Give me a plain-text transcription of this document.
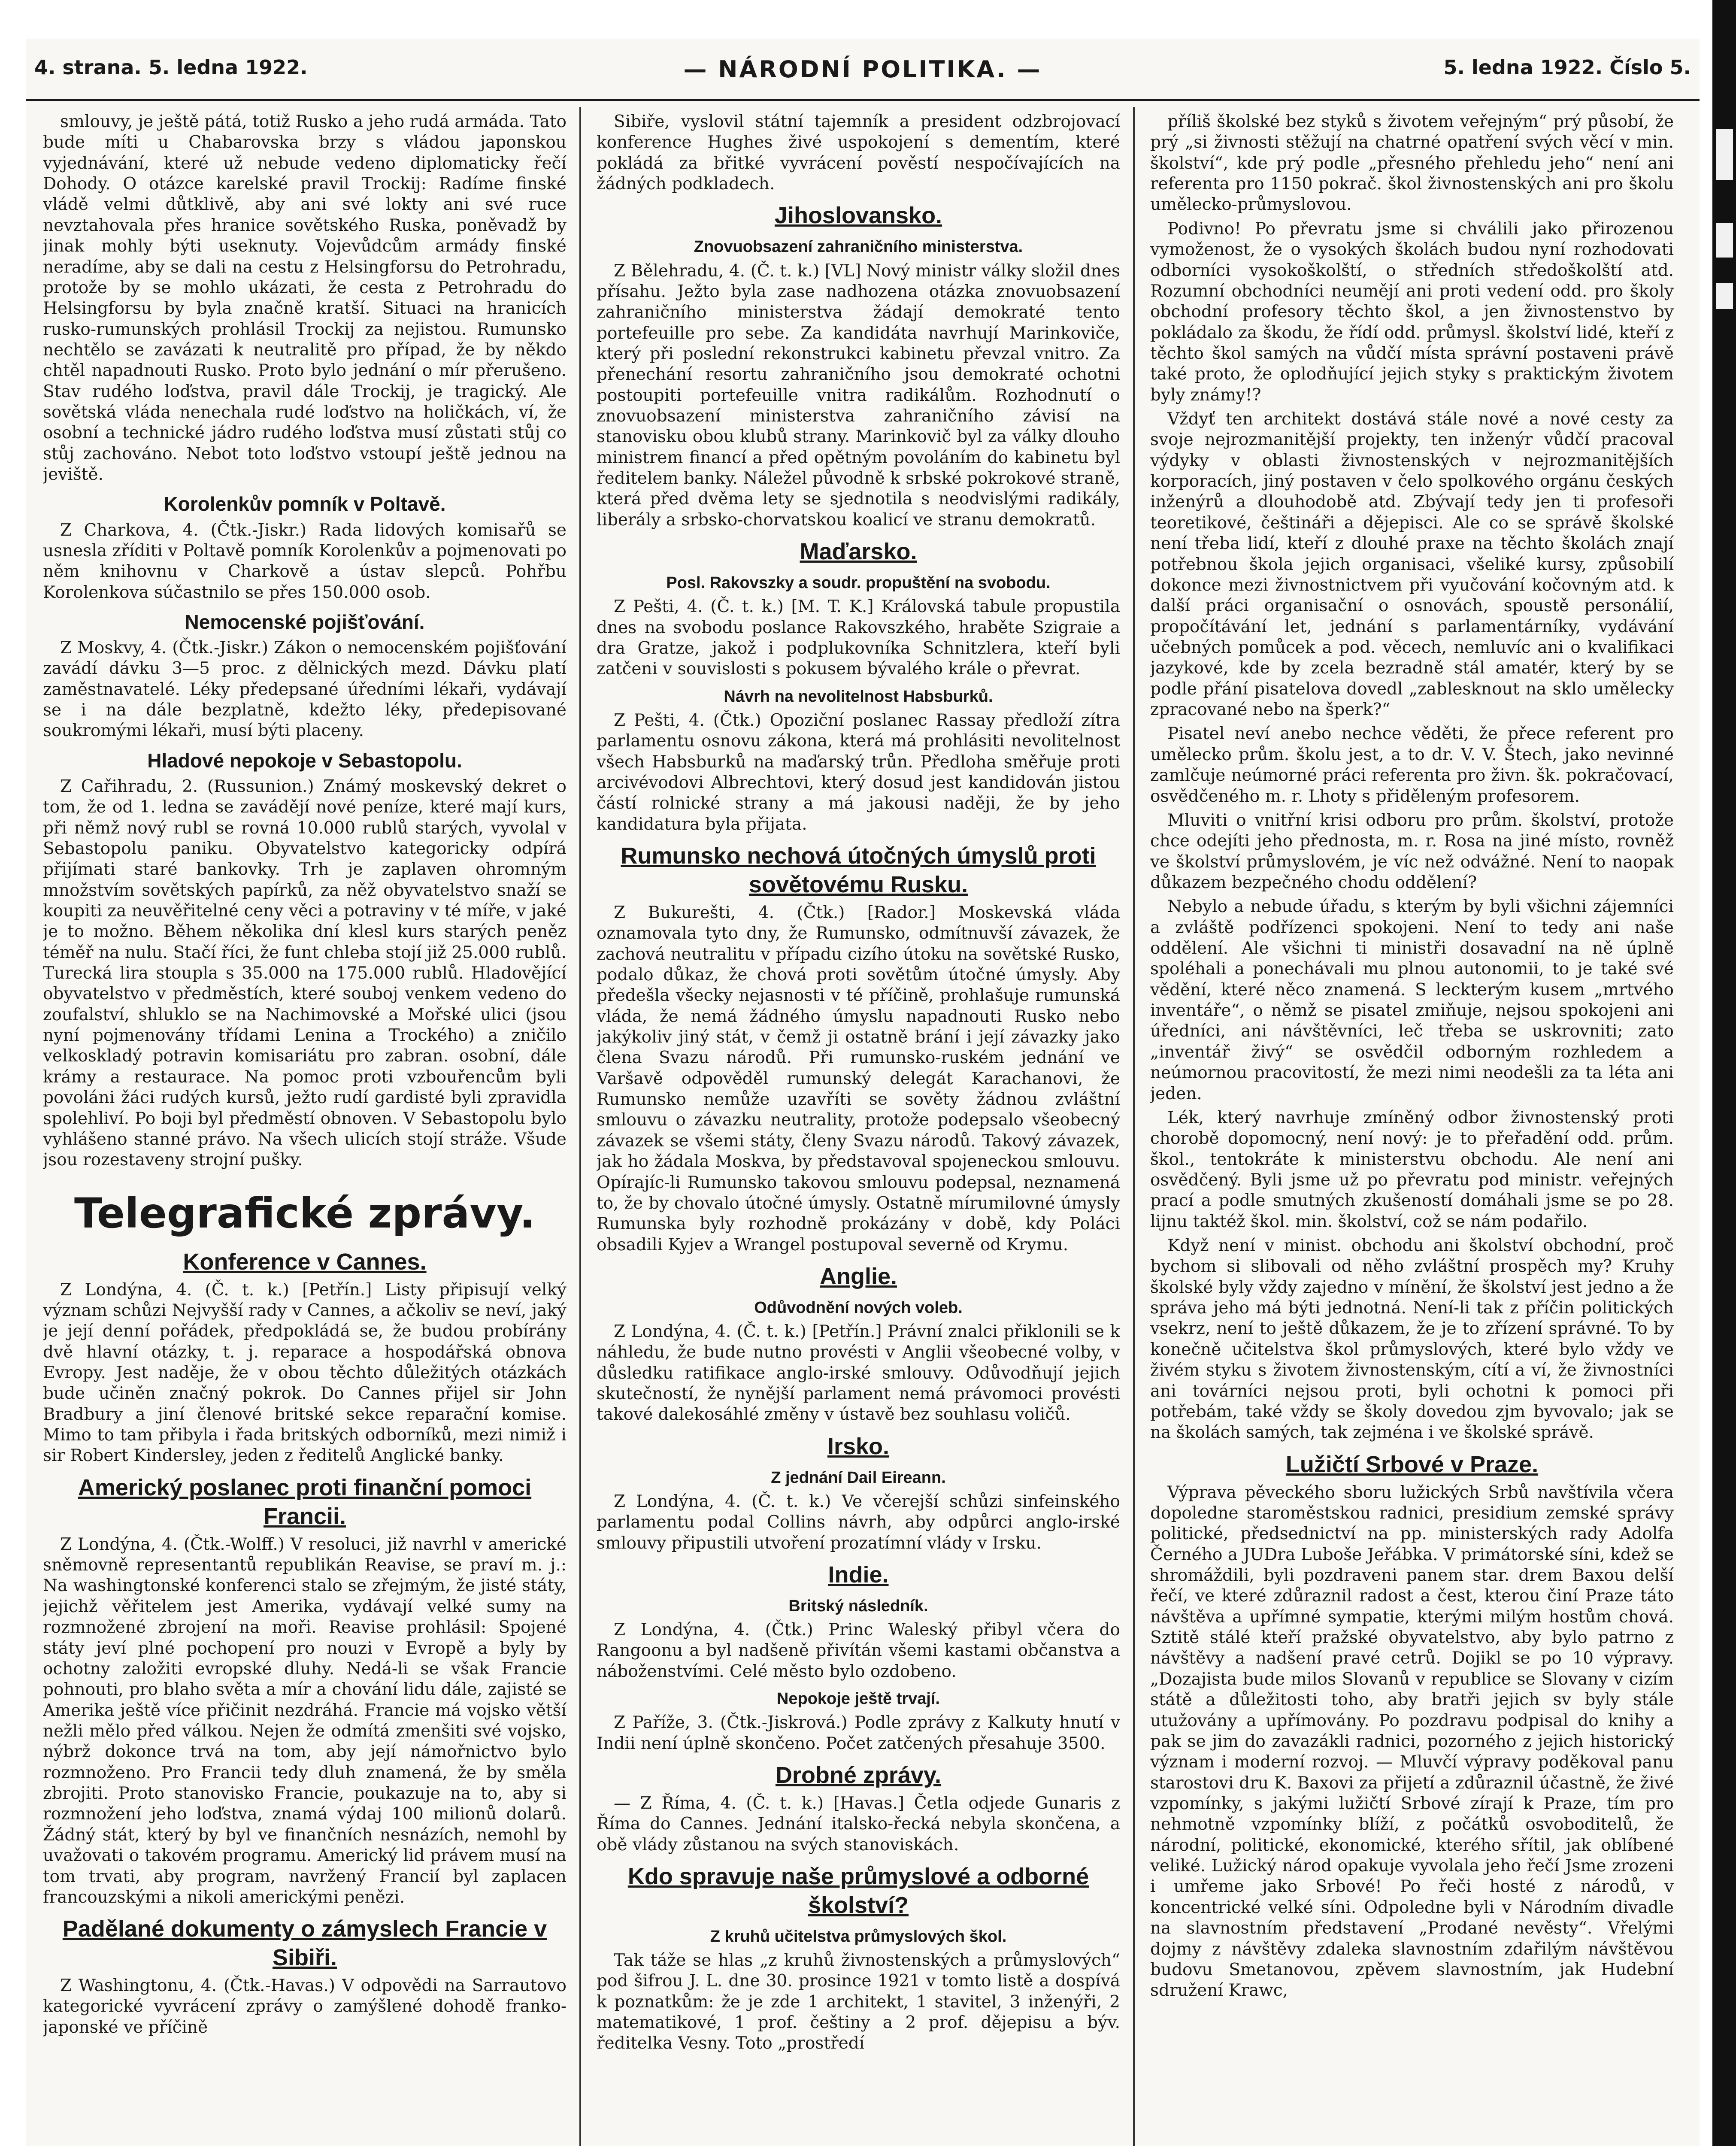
4. strana. 5. ledna 1922.	— NÁRODNÍ POLITIKA. —	5. ledna 1922. Číslo 5.

smlouvy, je ještě pátá, totiž Rusko a jeho rudá armáda. Tato bude míti u Chabarovska brzy s vládou japonskou vyjednávání, které už nebude vedeno diplomaticky řečí Dohody. O otázce karelské pravil Trockij: Radíme finské vládě velmi důtklivě, aby ani své lokty ani své ruce nevztahovala přes hranice sovětského Ruska, poněvadž by jinak mohly býti useknuty. Vojevůdcům armády finské neradíme, aby se dali na cestu z Helsingforsu do Petrohradu, protože by se mohlo ukázati, že cesta z Petrohradu do Helsingforsu by byla značně kratší. Situaci na hranicích rusko-rumunských prohlásil Trockij za nejistou. Rumunsko nechtělo se zavázati k neutralitě pro případ, že by někdo chtěl napadnouti Rusko. Proto bylo jednání o mír přerušeno. Stav rudého loďstva, pravil dále Trockij, je tragický. Ale sovětská vláda nenechala rudé loďstvo na holičkách, ví, že osobní a technické jádro rudého loďstva musí zůstati stůj co stůj zachováno. Nebot toto loďstvo vstoupí ještě jednou na jeviště.

Korolenkův pomník v Poltavě.

Z Charkova, 4. (Čtk.-Jiskr.) Rada lidových komisařů se usnesla zříditi v Poltavě pomník Korolenkův a pojmenovati po něm knihovnu v Charkově a ústav slepců. Pohřbu Korolenkova súčastnilo se přes 150.000 osob.

Nemocenské pojišťování.

Z Moskvy, 4. (Čtk.-Jiskr.) Zákon o nemocenském pojišťování zavádí dávku 3—5 proc. z dělnických mezd. Dávku platí zaměstnavatelé. Léky předepsané úředními lékaři, vydávají se i na dále bezplatně, kdežto léky, předepisované soukromými lékaři, musí býti placeny.

Hladové nepokoje v Sebastopolu.

Z Cařihradu, 2. (Russunion.) Známý moskevský dekret o tom, že od 1. ledna se zavádějí nové peníze, které mají kurs, při němž nový rubl se rovná 10.000 rublů starých, vyvolal v Sebastopolu paniku. Obyvatelstvo kategoricky odpírá přijímati staré bankovky. Trh je zaplaven ohromným množstvím sovětských papírků, za něž obyvatelstvo snaží se koupiti za neuvěřitelné ceny věci a potraviny v té míře, v jaké je to možno. Během několika dní klesl kurs starých peněz téměř na nulu. Stačí říci, že funt chleba stojí již 25.000 rublů. Turecká lira stoupla s 35.000 na 175.000 rublů. Hladovějící obyvatelstvo v předměstích, které souboj venkem vedeno do zoufalství, shluklo se na Nachimovské a Mořské ulici (jsou nyní pojmenovány třídami Lenina a Trockého) a zničilo velkoskladý potravin komisariátu pro zabran. osobní, dále krámy a restaurace. Na pomoc proti vzbouřencům byli povoláni žáci rudých kursů, ježto rudí gardisté byli zpravidla spolehliví. Po boji byl předměstí obnoven. V Sebastopolu bylo vyhlášeno stanné právo. Na všech ulicích stojí stráže. Všude jsou rozestaveny strojní pušky.

Telegrafické zprávy.
Konference v Cannes.

Z Londýna, 4. (Č. t. k.) [Petřín.] Listy připisují velký význam schůzi Nejvyšší rady v Cannes, a ačkoliv se neví, jaký je její denní pořádek, předpokládá se, že budou probírány dvě hlavní otázky, t. j. reparace a hospodářská obnova Evropy. Jest naděje, že v obou těchto důležitých otázkách bude učiněn značný pokrok. Do Cannes přijel sir John Bradbury a jiní členové britské sekce reparační komise. Mimo to tam přibyla i řada britských odborníků, mezi nimiž i sir Robert Kindersley, jeden z ředitelů Anglické banky.

Americký poslanec proti finanční pomoci Francii.

Z Londýna, 4. (Čtk.-Wolff.) V resoluci, již navrhl v americké sněmovně representantů republikán Reavise, se praví m. j.: Na washingtonské konferenci stalo se zřejmým, že jisté státy, jejichž věřitelem jest Amerika, vydávají velké sumy na rozmnožené zbrojení na moři. Reavise prohlásil: Spojené státy jeví plné pochopení pro nouzi v Evropě a byly by ochotny založiti evropské dluhy. Nedá-li se však Francie pohnouti, pro blaho světa a mír a chování lidu dále, zajisté se Amerika ještě více přičinit nezdráhá. Francie má vojsko větší nežli mělo před válkou. Nejen že odmítá zmenšiti své vojsko, nýbrž dokonce trvá na tom, aby její námořnictvo bylo rozmnoženo. Pro Francii tedy dluh znamená, že by směla zbrojiti. Proto stanovisko Francie, poukazuje na to, aby si rozmnožení jeho loďstva, znamá výdaj 100 milionů dolarů. Žádný stát, který by byl ve finančních nesnázích, nemohl by uvažovati o takovém programu. Americký lid právem musí na tom trvati, aby program, navržený Francií byl zaplacen francouzskými a nikoli americkými penězi.

Padělané dokumenty o zámyslech Francie v Sibiři.

Z Washingtonu, 4. (Čtk.-Havas.) V odpovědi na Sarrautovo kategorické vyvrácení zprávy o zamýšlené dohodě franko-japonské ve příčině

Sibiře, vyslovil státní tajemník a president odzbrojovací konference Hughes živé uspokojení s dementím, které pokládá za břitké vyvrácení pověstí nespočívajících na žádných podkladech.

Jihoslovansko.
Znovuobsazení zahraničního ministerstva.

Z Bělehradu, 4. (Č. t. k.) [VL] Nový ministr války složil dnes přísahu. Ježto byla zase nadhozena otázka znovuobsazení zahraničního ministerstva žádají demokraté tento portefeuille pro sebe. Za kandidáta navrhují Marinkoviče, který při poslední rekonstrukci kabinetu převzal vnitro. Za přenechání resortu zahraničního jsou demokraté ochotni postoupiti portefeuille vnitra radikálům. Rozhodnutí o znovuobsazení ministerstva zahraničního závisí na stanovisku obou klubů strany. Marinkovič byl za války dlouho ministrem financí a před opětným povoláním do kabinetu byl ředitelem banky. Náležel původně k srbské pokrokové straně, která před dvěma lety se sjednotila s neodvislými radikály, liberály a srbsko-chorvatskou koalicí ve stranu demokratů.

Maďarsko.
Posl. Rakovszky a soudr. propuštění na svobodu.

Z Pešti, 4. (Č. t. k.) [M. T. K.] Královská tabule propustila dnes na svobodu poslance Rakovszkého, hraběte Szigraie a dra Gratze, jakož i podplukovníka Schnitzlera, kteří byli zatčeni v souvislosti s pokusem bývalého krále o převrat.

Návrh na nevolitelnost Habsburků.

Z Pešti, 4. (Čtk.) Opoziční poslanec Rassay předloží zítra parlamentu osnovu zákona, která má prohlásiti nevolitelnost všech Habsburků na maďarský trůn. Předloha směřuje proti arcivévodovi Albrechtovi, který dosud jest kandidován jistou částí rolnické strany a má jakousi naději, že by jeho kandidatura byla přijata.

Rumunsko nechová útočných úmyslů proti sovětovému Rusku.

Z Bukurešti, 4. (Čtk.) [Rador.] Moskevská vláda oznamovala tyto dny, že Rumunsko, odmítnuvší závazek, že zachová neutralitu v případu cizího útoku na sovětské Rusko, podalo důkaz, že chová proti sovětům útočné úmysly. Aby předešla všecky nejasnosti v té příčině, prohlašuje rumunská vláda, že nemá žádného úmyslu napadnouti Rusko nebo jakýkoliv jiný stát, v čemž ji ostatně brání i její závazky jako člena Svazu národů. Při rumunsko-ruském jednání ve Varšavě odpověděl rumunský delegát Karachanovi, že Rumunsko nemůže uzavříti se sověty žádnou zvláštní smlouvu o závazku neutrality, protože podepsalo všeobecný závazek se všemi státy, členy Svazu národů. Takový závazek, jak ho žádala Moskva, by představoval spojeneckou smlouvu. Opírajíc-li Rumunsko takovou smlouvu podepsal, neznamená to, že by chovalo útočné úmysly. Ostatně mírumilovné úmysly Rumunska byly rozhodně prokázány v době, kdy Poláci obsadili Kyjev a Wrangel postupoval severně od Krymu.

Anglie.
Odůvodnění nových voleb.

Z Londýna, 4. (Č. t. k.) [Petřín.] Právní znalci přiklonili se k náhledu, že bude nutno provésti v Anglii všeobecné volby, v důsledku ratifikace anglo-irské smlouvy. Odůvodňují jejich skutečností, že nynější parlament nemá právomoci provésti takové dalekosáhlé změny v ústavě bez souhlasu voličů.

Irsko.
Z jednání Dail Eireann.

Z Londýna, 4. (Č. t. k.) Ve včerejší schůzi sinfeinského parlamentu podal Collins návrh, aby odpůrci anglo-irské smlouvy připustili utvoření prozatímní vlády v Irsku.

Indie.
Britský následník.

Z Londýna, 4. (Čtk.) Princ Waleský přibyl včera do Rangoonu a byl nadšeně přivítán všemi kastami občanstva a náboženstvími. Celé město bylo ozdobeno.

Nepokoje ještě trvají.

Z Paříže, 3. (Čtk.-Jiskrová.) Podle zprávy z Kalkuty hnutí v Indii není úplně skončeno. Počet zatčených přesahuje 3500.

Drobné zprávy.

— Z Říma, 4. (Č. t. k.) [Havas.] Četla odjede Gunaris z Říma do Cannes. Jednání italsko-řecká nebyla skončena, a obě vlády zůstanou na svých stanoviskách.

Kdo spravuje naše průmyslové a odborné školství?
Z kruhů učitelstva průmyslových škol.

Tak táže se hlas „z kruhů živnostenských a průmyslových“ pod šifrou J. L. dne 30. prosince 1921 v tomto listě a dospívá k poznatkům: že je zde 1 architekt, 1 stavitel, 3 inženýři, 2 matematikové, 1 prof. češtiny a 2 prof. dějepisu a býv. ředitelka Vesny. Toto „prostředí

příliš školské bez styků s životem veřejným“ prý působí, že prý „si živnosti stěžují na chatrné opatření svých věcí v min. školství“, kde prý podle „přesného přehledu jeho“ není ani referenta pro 1150 pokrač. škol živnostenských ani pro školu umělecko-průmyslovou.

Podivno! Po převratu jsme si chválili jako přirozenou vymoženost, že o vysokých školách budou nyní rozhodovati odborníci vysokoškolští, o středních středoškolští atd. Rozumní obchodníci neumějí ani proti vedení odd. pro školy obchodní profesory těchto škol, a jen živnostenstvo by pokládalo za škodu, že řídí odd. průmysl. školství lidé, kteří z těchto škol samých na vůdčí místa správní postaveni právě také proto, že oplodňující jejich styky s praktickým životem byly známy!?

Vždyť ten architekt dostává stále nové a nové cesty za svoje nejrozmanitější projekty, ten inženýr vůdčí pracoval výdyky v oblasti živnostenských v nejrozmanitějších korporacích, jiný postaven v čelo spolkového orgánu českých inženýrů a dlouhodobě atd. Zbývají tedy jen ti profesoři teoretikové, češtináři a dějepisci. Ale co se správě školské není třeba lidí, kteří z dlouhé praxe na těchto školách znají potřebnou škola jejich organisaci, všeliké kursy, způsobilí dokonce mezi živnostnictvem při vyučování kočovným atd. k další práci organisační o osnovách, spoustě personálií, propočítávání let, jednání s parlamentárníky, vydávání učebných pomůcek a pod. věcech, nemluvíc ani o kvalifikaci jazykové, kde by zcela bezradně stál amatér, který by se podle přání pisatelova dovedl „zablesknout na sklo umělecky zpracované nebo na šperk?“

Pisatel neví anebo nechce věděti, že přece referent pro umělecko prům. školu jest, a to dr. V. V. Štech, jako nevinné zamlčuje neúmorné práci referenta pro živn. šk. pokračovací, osvědčeného m. r. Lhoty s přiděleným profesorem.

Mluviti o vnitřní krisi odboru pro prům. školství, protože chce odejíti jeho přednosta, m. r. Rosa na jiné místo, rovněž ve školství průmyslovém, je víc než odvážné. Není to naopak důkazem bezpečného chodu oddělení?

Nebylo a nebude úřadu, s kterým by byli všichni zájemníci a zvláště podřízenci spokojeni. Není to tedy ani naše oddělení. Ale všichni ti ministři dosavadní na ně úplně spoléhali a ponechávali mu plnou autonomii, to je také své vědění, které něco znamená. S leckterým kusem „mrtvého inventáře“, o němž se pisatel zmiňuje, nejsou spokojeni ani úředníci, ani návštěvníci, leč třeba se uskrovniti; zato „inventář živý“ se osvědčil odborným rozhledem a neúmornou pracovitostí, že mezi nimi neodešli za ta léta ani jeden.

Lék, který navrhuje zmíněný odbor živnostenský proti chorobě dopomocný, není nový: je to přeřadění odd. prům. škol., tentokráte k ministerstvu obchodu. Ale není ani osvědčený. Byli jsme už po převratu pod ministr. veřejných prací a podle smutných zkušeností domáhali jsme se po 28. lijnu taktéž škol. min. školství, což se nám podařilo.

Když není v minist. obchodu ani školství obchodní, proč bychom si slibovali od něho zvláštní prospěch my? Kruhy školské byly vždy zajedno v mínění, že školství jest jedno a že správa jeho má býti jednotná. Není-li tak z příčin politických vsekrz, není to ještě důkazem, že je to zřízení správné. To by konečně učitelstva škol průmyslových, které bylo vždy ve živém styku s životem živnostenským, cítí a ví, že živnostníci ani továrníci nejsou proti, byli ochotni k pomoci při potřebám, také vždy se školy dovedou zjm byvovalo; jak se na školách samých, tak zejména i ve školské správě.

Lužičtí Srbové v Praze.

Výprava pěveckého sboru lužických Srbů navštívila včera dopoledne staroměstskou radnici, presidium zemské správy politické, předsednictví na pp. ministerských rady Adolfa Černého a JUDra Luboše Jeřábka. V primátorské síni, kdež se shromáždili, byli pozdraveni panem star. drem Baxou delší řečí, ve které zdůraznil radost a čest, kterou činí Praze táto návštěva a upřímné sympatie, kterými milým hostům chová. Sztitě stálé kteří pražské obyvatelstvo, aby bylo patrno z návštěvy a nadšení pravé cetrů. Dojikl se po 10 výpravy. „Dozajista bude milos Slovanů v republice se Slovany v cizím státě a důležitosti toho, aby bratři jejich sv byly stále utužovány a upřímovány. Po pozdravu podpisal do knihy a pak se jim do zavazákli radnici, pozorného z jejich historický význam i moderní rozvoj. — Mluvčí výpravy poděkoval panu starostovi dru K. Baxovi za přijetí a zdůraznil účastně, že živé vzpomínky, s jakými lužičtí Srbové zírají k Praze, tím pro nehmotně vzpomínky blíží, z počátků osvoboditelů, že národní, politické, ekonomické, kterého sřítil, jak oblíbené veliké. Lužický národ opakuje vyvolala jeho řečí Jsme zrozeni i umřeme jako Srbové! Po řeči hosté z národů, v koncentrické velké síni. Odpoledne byli v Národním divadle na slavnostním představení „Prodané nevěsty“. Vřelými dojmy z návštěvy zdaleka slavnostním zdařilým návštěvou budovu Smetanovou, zpěvem slavnostním, jak Hudební sdružení Krawc,
